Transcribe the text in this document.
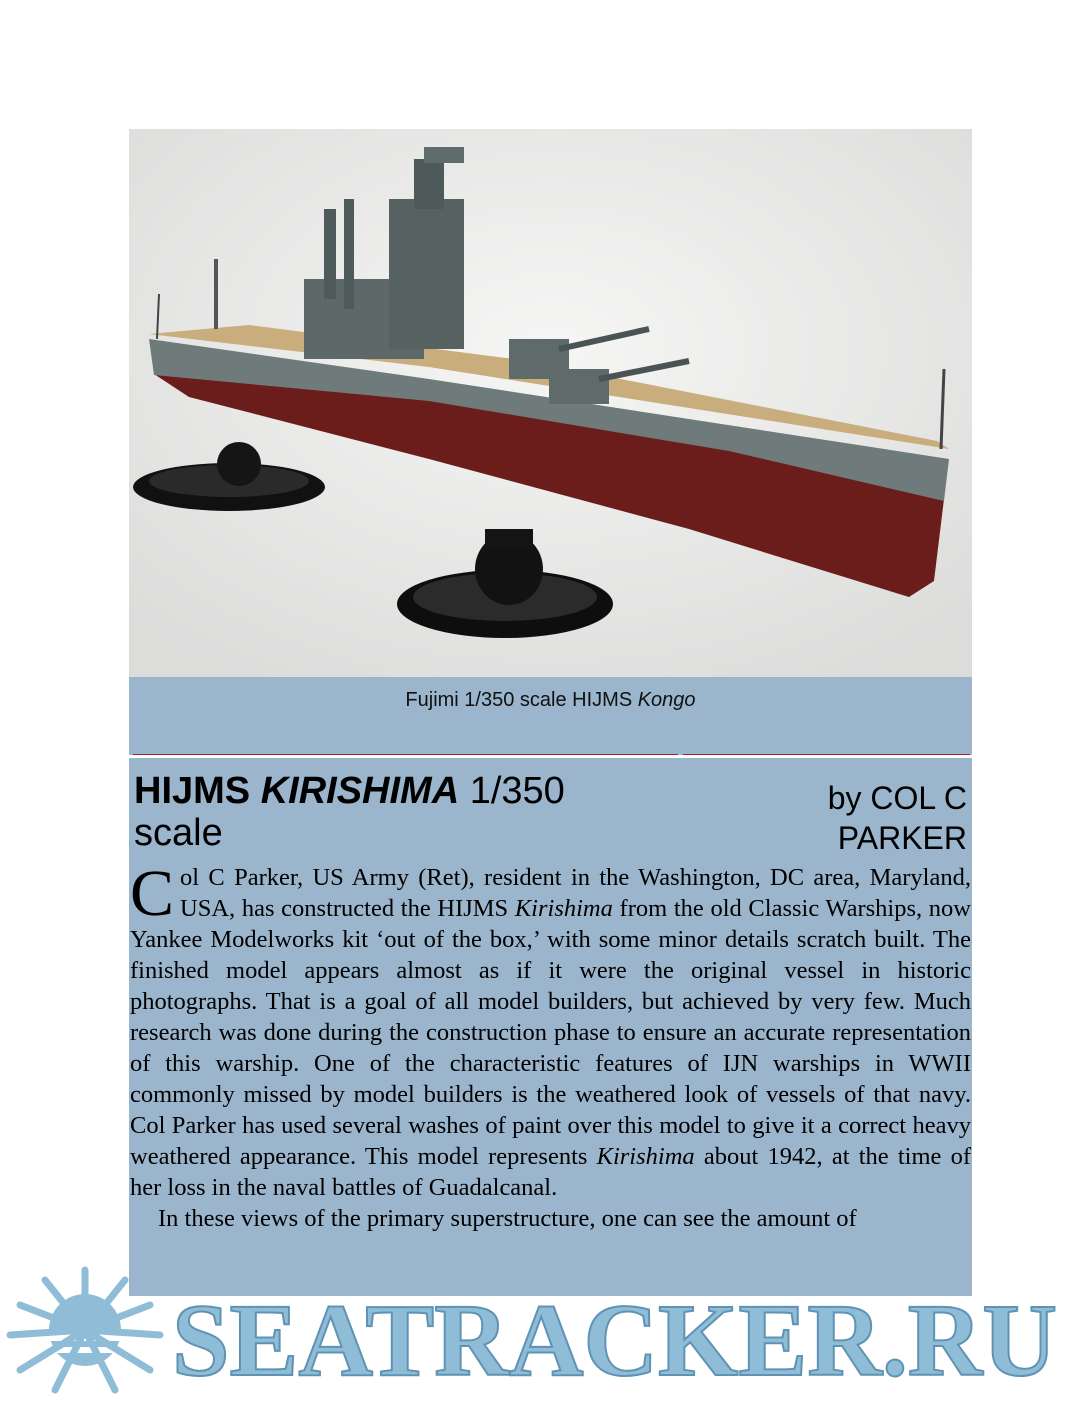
Fujimi 1/350 scale HIJMS Kongo
HIJMS KIRISHIMA 1/350 scale
by COL C PARKER

Col C Parker, US Army (Ret), resident in the Washington, DC area, Maryland, USA, has constructed the HIJMS Kirishima from the old Classic Warships, now Yankee Modelworks kit ‘out of the box,’ with some minor details scratch built. The finished model appears almost as if it were the original vessel in historic photographs. That is a goal of all model builders, but achieved by very few. Much research was done during the construction phase to ensure an accurate representation of this warship. One of the characteristic features of IJN warships in WWII commonly missed by model builders is the weathered look of vessels of that navy. Col Parker has used several washes of paint over this model to give it a correct heavy weathered appearance. This model represents Kirishima about 1942, at the time of her loss in the naval battles of Guadalcanal.

In these views of the primary superstructure, one can see the amount of

SEATRACKER.RU
